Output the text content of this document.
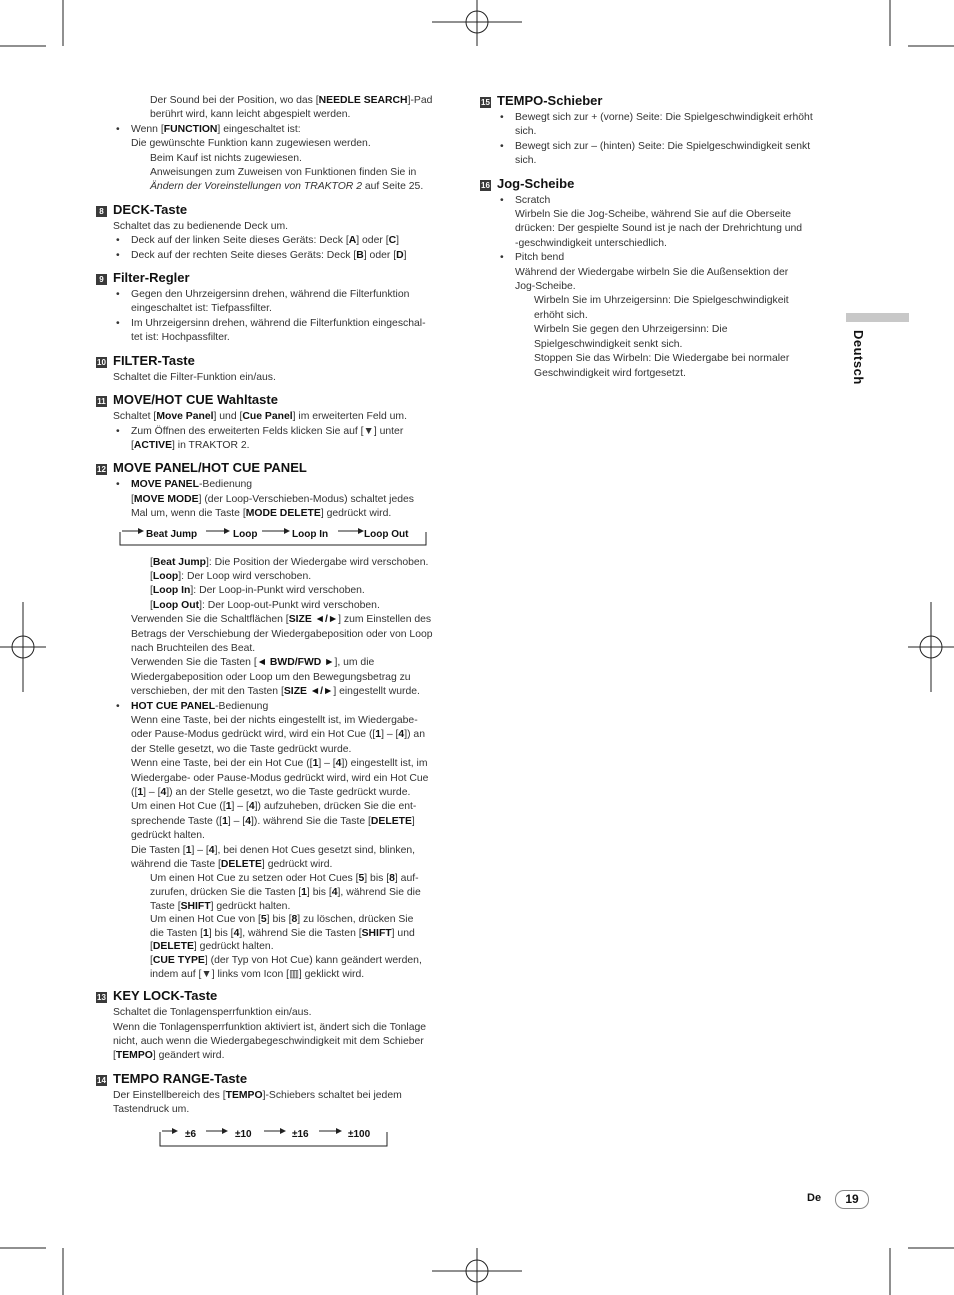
Deutsch

Der Sound bei der Position, wo das [NEEDLE SEARCH]-Pad

berührt wird, kann leicht abgespielt werden.

• Wenn [FUNCTION] eingeschaltet ist:

Die gewünschte Funktion kann zugewiesen werden.

Beim Kauf ist nichts zugewiesen.

Anweisungen zum Zuweisen von Funktionen finden Sie in

Ändern der Voreinstellungen von TRAKTOR 2 auf Seite 25.

8 DECK-Taste

Schaltet das zu bedienende Deck um.

• Deck auf der linken Seite dieses Geräts: Deck [A] oder [C]

• Deck auf der rechten Seite dieses Geräts: Deck [B] oder [D]

9 Filter-Regler

• Gegen den Uhrzeigersinn drehen, während die Filterfunktion

eingeschaltet ist: Tiefpassfilter.

• Im Uhrzeigersinn drehen, während die Filterfunktion eingeschal-

tet ist: Hochpassfilter.

10 FILTER-Taste

Schaltet die Filter-Funktion ein/aus.

11 MOVE/HOT CUE Wahltaste

Schaltet [Move Panel] und [Cue Panel] im erweiterten Feld um.

• Zum Öffnen des erweiterten Felds klicken Sie auf [▼] unter

[ACTIVE] in TRAKTOR 2.

12 MOVE PANEL/HOT CUE PANEL

• MOVE PANEL-Bedienung

[MOVE MODE] (der Loop-Verschieben-Modus) schaltet jedes

Mal um, wenn die Taste [MODE DELETE] gedrückt wird.

Beat Jump	Loop	Loop In	Loop Out

[Beat Jump]: Die Position der Wiedergabe wird verschoben.

[Loop]: Der Loop wird verschoben.

[Loop In]: Der Loop-in-Punkt wird verschoben.

[Loop Out]: Der Loop-out-Punkt wird verschoben.

Verwenden Sie die Schaltflächen [SIZE ◄/►] zum Einstellen des

Betrags der Verschiebung der Wiedergabeposition oder von Loop

nach Bruchteilen des Beat.

Verwenden Sie die Tasten [◄ BWD/FWD ►], um die

Wiedergabeposition oder Loop um den Bewegungsbetrag zu

verschieben, der mit den Tasten [SIZE ◄/►] eingestellt wurde.

• HOT CUE PANEL-Bedienung

Wenn eine Taste, bei der nichts eingestellt ist, im Wiedergabe-

oder Pause-Modus gedrückt wird, wird ein Hot Cue ([1] – [4]) an

der Stelle gesetzt, wo die Taste gedrückt wurde.

Wenn eine Taste, bei der ein Hot Cue ([1] – [4]) eingestellt ist, im

Wiedergabe- oder Pause-Modus gedrückt wird, wird ein Hot Cue

([1] – [4]) an der Stelle gesetzt, wo die Taste gedrückt wurde.

Um einen Hot Cue ([1] – [4]) aufzuheben, drücken Sie die ent-

sprechende Taste ([1] – [4]). während Sie die Taste [DELETE]

gedrückt halten.

Die Tasten [1] – [4], bei denen Hot Cues gesetzt sind, blinken,

während die Taste [DELETE] gedrückt wird.

Um einen Hot Cue zu setzen oder Hot Cues [5] bis [8] auf-

zurufen, drücken Sie die Tasten [1] bis [4], während Sie die

Taste [SHIFT] gedrückt halten.

Um einen Hot Cue von [5] bis [8] zu löschen, drücken Sie

die Tasten [1] bis [4], während Sie die Tasten [SHIFT] und

[DELETE] gedrückt halten.

[CUE TYPE] (der Typ von Hot Cue) kann geändert werden,

indem auf [▼] links vom Icon [▥] geklickt wird.

13 KEY LOCK-Taste

Schaltet die Tonlagensperrfunktion ein/aus.

Wenn die Tonlagensperrfunktion aktiviert ist, ändert sich die Tonlage

nicht, auch wenn die Wiedergabegeschwindigkeit mit dem Schieber

[TEMPO] geändert wird.

14 TEMPO RANGE-Taste

Der Einstellbereich des [TEMPO]-Schiebers schaltet bei jedem

Tastendruck um.

±6	±10	±16	±100
15 TEMPO-Schieber

• Bewegt sich zur + (vorne) Seite: Die Spielgeschwindigkeit erhöht

sich.

• Bewegt sich zur – (hinten) Seite: Die Spielgeschwindigkeit senkt

sich.

16 Jog-Scheibe

• Scratch

Wirbeln Sie die Jog-Scheibe, während Sie auf die Oberseite

drücken: Der gespielte Sound ist je nach der Drehrichtung und

-geschwindigkeit unterschiedlich.

• Pitch bend

Während der Wiedergabe wirbeln Sie die Außensektion der

Jog-Scheibe.

Wirbeln Sie im Uhrzeigersinn: Die Spielgeschwindigkeit

erhöht sich.

Wirbeln Sie gegen den Uhrzeigersinn: Die

Spielgeschwindigkeit senkt sich.

Stoppen Sie das Wirbeln: Die Wiedergabe bei normaler

Geschwindigkeit wird fortgesetzt.

De	19
